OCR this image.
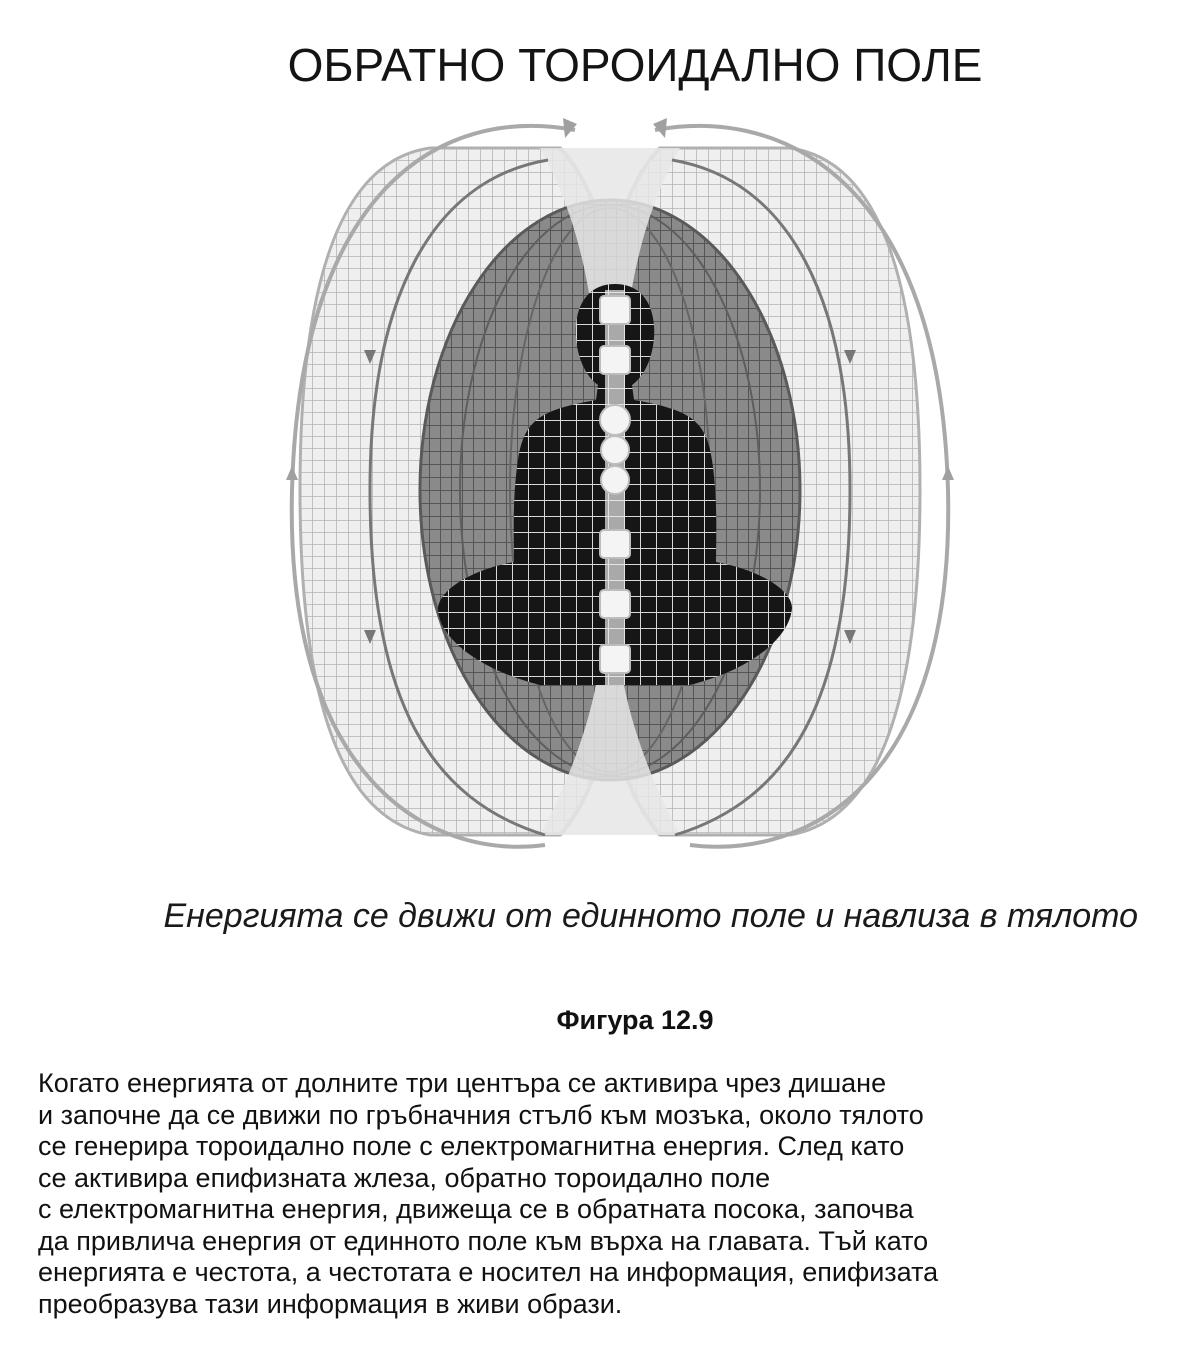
ОБРАТНО ТОРОИДАЛНО ПОЛЕ
Енергията се движи от единното поле и навлиза в тялото
Фигура 12.9
Когато енергията от долните три центъра се активира чрез дишане
и започне да се движи по гръбначния стълб към мозъка, около тялото
се генерира тороидално поле с електромагнитна енергия. След като
се активира епифизната жлеза, обратно тороидално поле
с електромагнитна енергия, движеща се в обратната посока, започва
да привлича енергия от единното поле към върха на главата. Тъй като
енергията е честота, а честотата е носител на информация, епифизата
преобразува тази информация в живи образи.
